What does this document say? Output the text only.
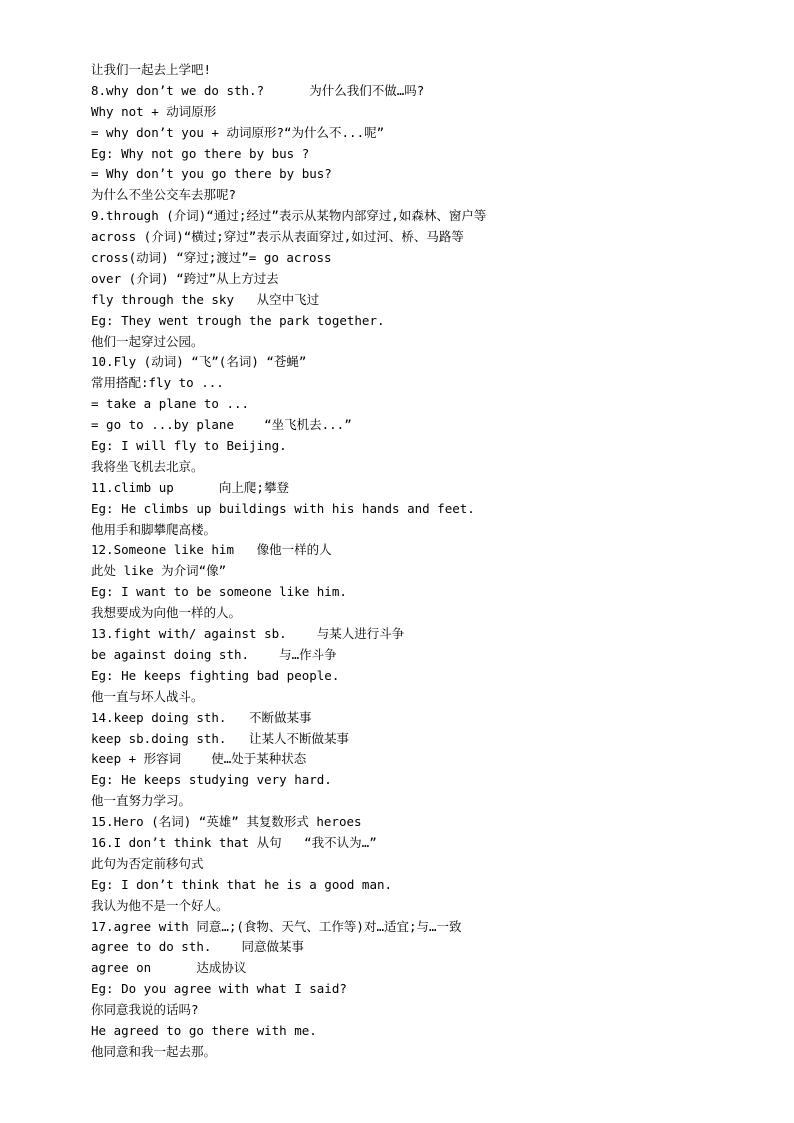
让我们一起去上学吧!
8.why don’t we do sth.?      为什么我们不做…吗?
Why not + 动词原形
= why don’t you + 动词原形?“为什么不...呢”
Eg: Why not go there by bus ?
= Why don’t you go there by bus?
为什么不坐公交车去那呢?
9.through (介词)“通过;经过”表示从某物内部穿过,如森林、窗户等
across (介词)“横过;穿过”表示从表面穿过,如过河、桥、马路等
cross(动词) “穿过;渡过”= go across
over (介词) “跨过”从上方过去
fly through the sky   从空中飞过
Eg: They went trough the park together.
他们一起穿过公园。
10.Fly (动词) “飞”(名词) “苍蝇”
常用搭配:fly to ...
= take a plane to ...
= go to ...by plane    “坐飞机去...”
Eg: I will fly to Beijing.
我将坐飞机去北京。
11.climb up      向上爬;攀登
Eg: He climbs up buildings with his hands and feet.
他用手和脚攀爬高楼。
12.Someone like him   像他一样的人
此处 like 为介词“像”
Eg: I want to be someone like him.
我想要成为向他一样的人。
13.fight with/ against sb.    与某人进行斗争
be against doing sth.    与…作斗争
Eg: He keeps fighting bad people.
他一直与坏人战斗。
14.keep doing sth.   不断做某事
keep sb.doing sth.   让某人不断做某事
keep + 形容词    使…处于某种状态
Eg: He keeps studying very hard.
他一直努力学习。
15.Hero (名词) “英雄” 其复数形式 heroes
16.I don’t think that 从句   “我不认为…”
此句为否定前移句式
Eg: I don’t think that he is a good man.
我认为他不是一个好人。
17.agree with 同意…;(食物、天气、工作等)对…适宜;与…一致
agree to do sth.    同意做某事
agree on      达成协议
Eg: Do you agree with what I said?
你同意我说的话吗?
He agreed to go there with me.
他同意和我一起去那。
